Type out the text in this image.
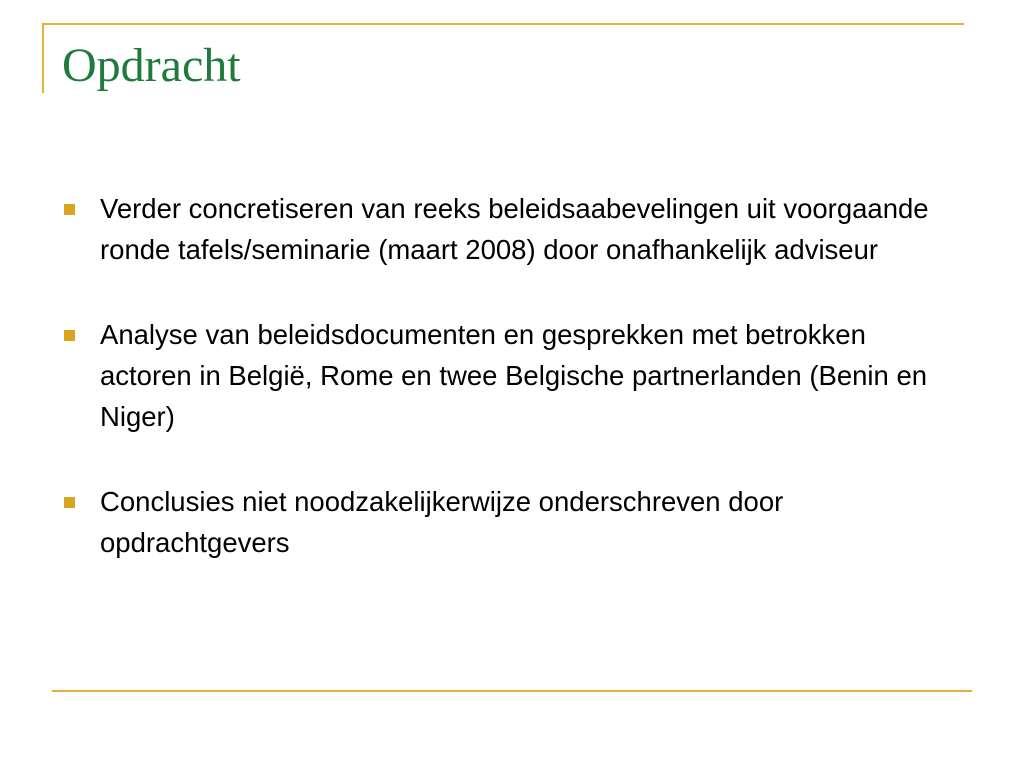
Opdracht
Verder concretiseren van reeks beleidsaabevelingen uit voorgaande ronde tafels/seminarie (maart 2008) door onafhankelijk adviseur
Analyse van beleidsdocumenten en gesprekken met betrokken actoren in België, Rome en twee Belgische partnerlanden (Benin en Niger)
Conclusies niet noodzakelijkerwijze onderschreven door opdrachtgevers
